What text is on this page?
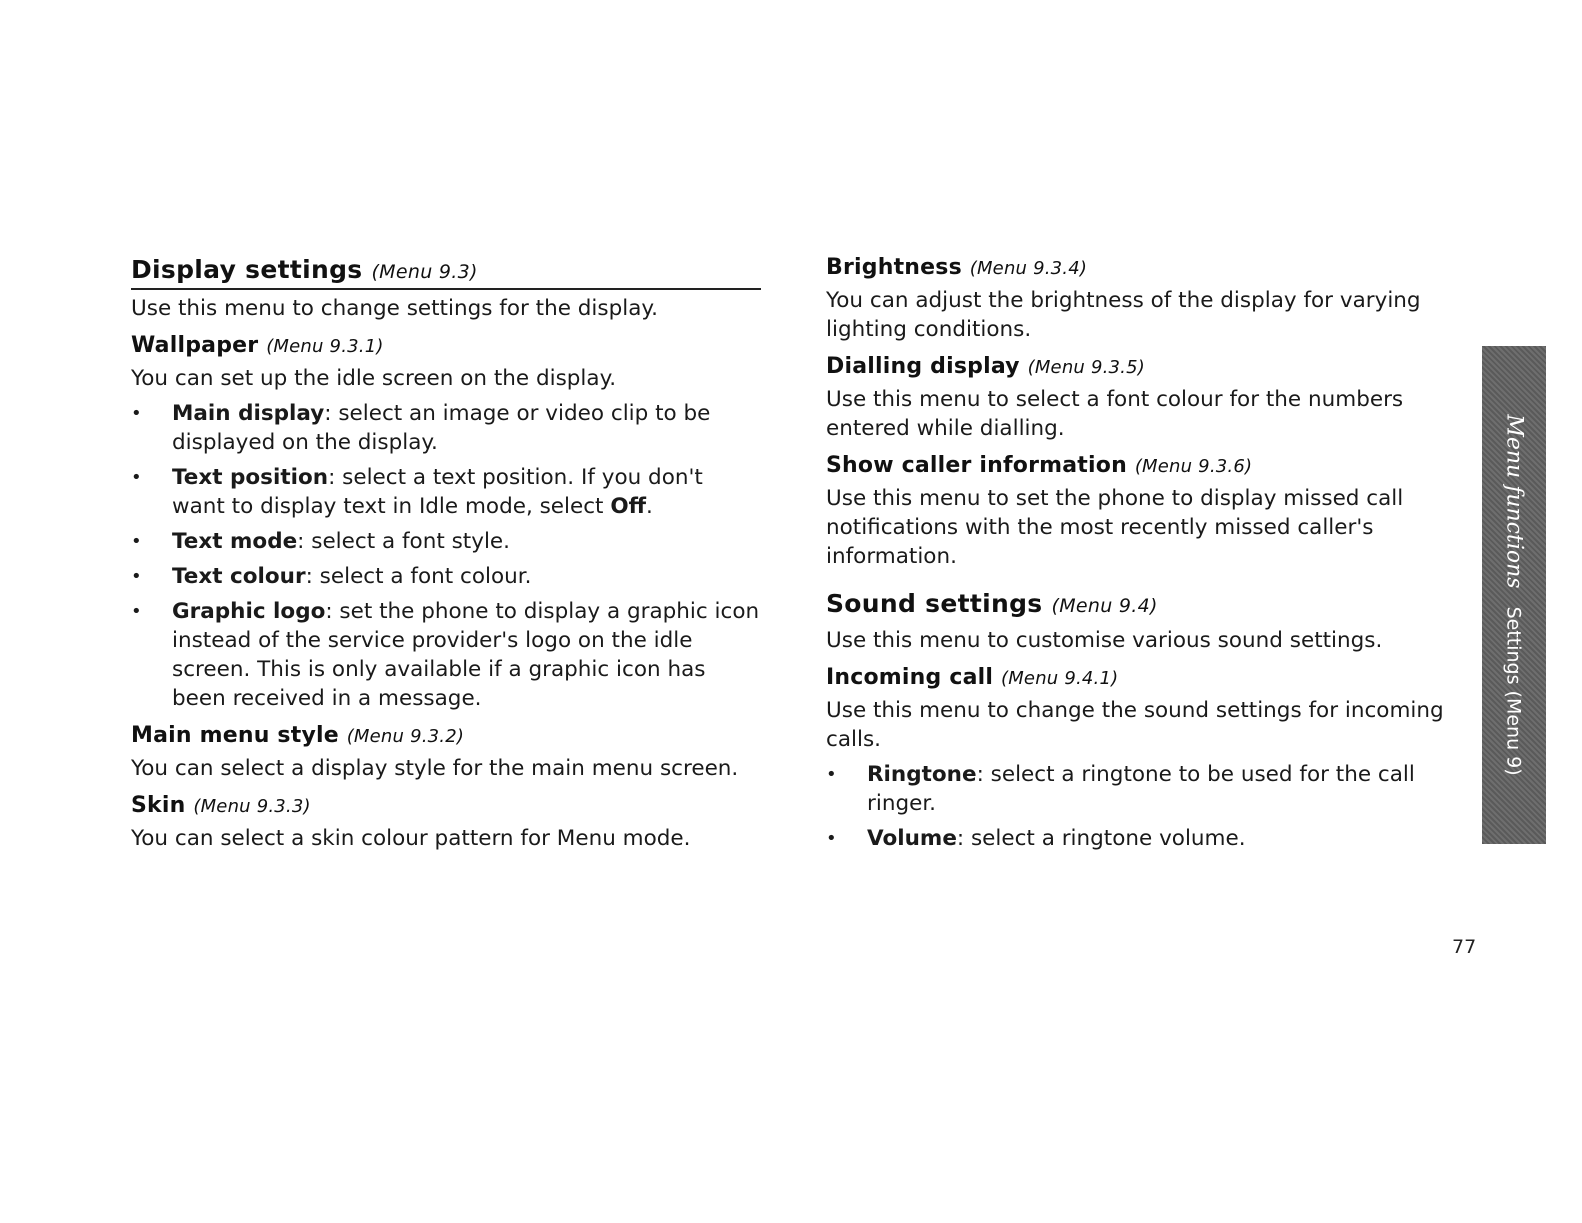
Display settings (Menu 9.3)

Use this menu to change settings for the display.

Wallpaper (Menu 9.3.1)

You can set up the idle screen on the display.

• Main display: select an image or video clip to be displayed on the display.
• Text position: select a text position. If you don't want to display text in Idle mode, select Off.
• Text mode: select a font style.
• Text colour: select a font colour.
• Graphic logo: set the phone to display a graphic icon instead of the service provider's logo on the idle screen. This is only available if a graphic icon has been received in a message.
Main menu style (Menu 9.3.2)

You can select a display style for the main menu screen.

Skin (Menu 9.3.3)

You can select a skin colour pattern for Menu mode.

Brightness (Menu 9.3.4)

You can adjust the brightness of the display for varying lighting conditions.

Dialling display (Menu 9.3.5)

Use this menu to select a font colour for the numbers entered while dialling.

Show caller information (Menu 9.3.6)

Use this menu to set the phone to display missed call notifications with the most recently missed caller's information.

Sound settings (Menu 9.4)

Use this menu to customise various sound settings.

Incoming call (Menu 9.4.1)

Use this menu to change the sound settings for incoming calls.

• Ringtone: select a ringtone to be used for the call ringer.
• Volume: select a ringtone volume.
Menu functionsSettings (Menu 9)
77
